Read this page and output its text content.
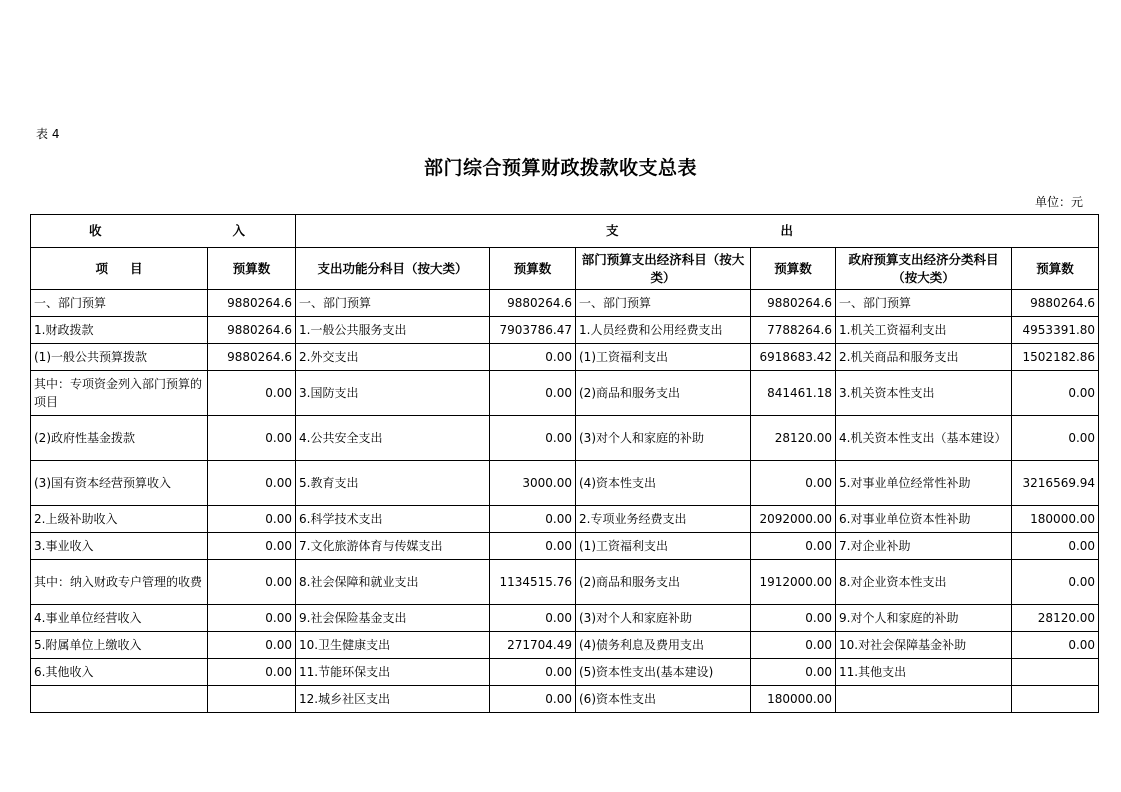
表 4
部门综合预算财政拨款收支总表
单位：元
收 入		支 出					

项 目	预算数	支出功能分科目（按大类）	预算数	部门预算支出经济科目（按大类）	预算数	政府预算支出经济分类科目（按大类）	预算数
一、部门预算	9880264.6	一、部门预算	9880264.6	一、部门预算	9880264.6	一、部门预算	9880264.6
1.财政拨款	9880264.6	1.一般公共服务支出	7903786.47	1.人员经费和公用经费支出	7788264.6	1.机关工资福利支出	4953391.80
(1)一般公共预算拨款	9880264.6	2.外交支出	0.00	(1)工资福利支出	6918683.42	2.机关商品和服务支出	1502182.86
其中：专项资金列入部门预算的项目	0.00	3.国防支出	0.00	(2)商品和服务支出	841461.18	3.机关资本性支出	0.00
(2)政府性基金拨款	0.00	4.公共安全支出	0.00	(3)对个人和家庭的补助	28120.00	4.机关资本性支出（基本建设）	0.00
(3)国有资本经营预算收入	0.00	5.教育支出	3000.00	(4)资本性支出	0.00	5.对事业单位经常性补助	3216569.94
2.上级补助收入	0.00	6.科学技术支出	0.00	2.专项业务经费支出	2092000.00	6.对事业单位资本性补助	180000.00
3.事业收入	0.00	7.文化旅游体育与传媒支出	0.00	(1)工资福利支出	0.00	7.对企业补助	0.00
其中：纳入财政专户管理的收费	0.00	8.社会保障和就业支出	1134515.76	(2)商品和服务支出	1912000.00	8.对企业资本性支出	0.00
4.事业单位经营收入	0.00	9.社会保险基金支出	0.00	(3)对个人和家庭补助	0.00	9.对个人和家庭的补助	28120.00
5.附属单位上缴收入	0.00	10.卫生健康支出	271704.49	(4)债务利息及费用支出	0.00	10.对社会保障基金补助	0.00
6.其他收入	0.00	11.节能环保支出	0.00	(5)资本性支出(基本建设)	0.00	11.其他支出	
		12.城乡社区支出	0.00	(6)资本性支出	180000.00		
